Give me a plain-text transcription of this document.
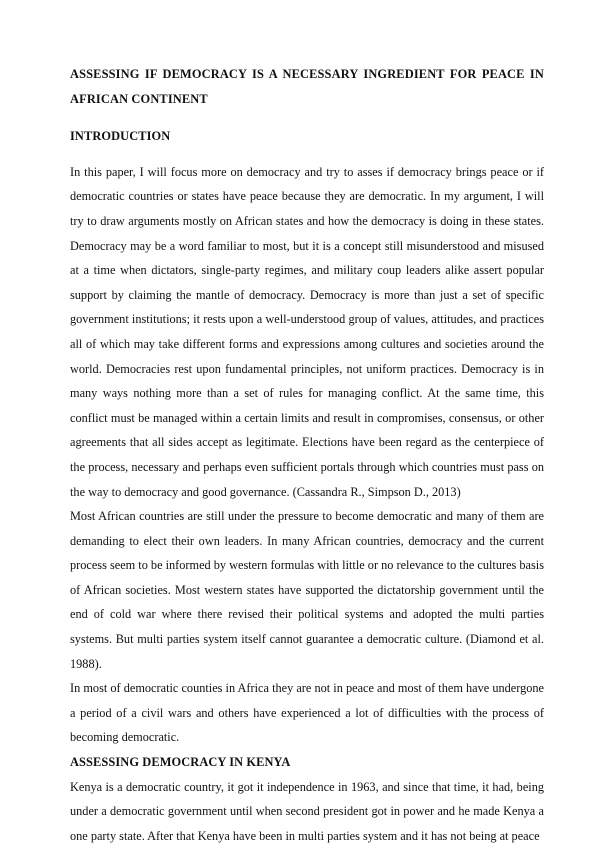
ASSESSING IF DEMOCRACY IS A NECESSARY INGREDIENT FOR PEACE IN AFRICAN CONTINENT
INTRODUCTION

In this paper, I will focus more on democracy and try to asses if democracy brings peace or if democratic countries or states have peace because they are democratic. In my argument, I will try to draw arguments mostly on African states and how the democracy is doing in these states. Democracy may be a word familiar to most, but it is a concept still misunderstood and misused at a time when dictators, single-party regimes, and military coup leaders alike assert popular support by claiming the mantle of democracy. Democracy is more than just a set of specific government institutions; it rests upon a well-understood group of values, attitudes, and practices all of which may take different forms and expressions among cultures and societies around the world. Democracies rest upon fundamental principles, not uniform practices. Democracy is in many ways nothing more than a set of rules for managing conflict. At the same time, this conflict must be managed within a certain limits and result in compromises, consensus, or other agreements that all sides accept as legitimate. Elections have been regard as the centerpiece of the process, necessary and perhaps even sufficient portals through which countries must pass on the way to democracy and good governance. (Cassandra R., Simpson D., 2013)

Most African countries are still under the pressure to become democratic and many of them are demanding to elect their own leaders. In many African countries, democracy and the current process seem to be informed by western formulas with little or no relevance to the cultures basis of African societies. Most western states have supported the dictatorship government until the end of cold war where there revised their political systems and adopted the multi parties systems. But multi parties system itself cannot guarantee a democratic culture. (Diamond et al. 1988).

In most of democratic counties in Africa they are not in peace and most of them have undergone a period of a civil wars and others have experienced a lot of difficulties with the process of becoming democratic.

ASSESSING DEMOCRACY IN KENYA

Kenya is a democratic country, it got it independence in 1963, and since that time, it had, being under a democratic government until when second president got in power and he made Kenya a one party state. After that Kenya have been in multi parties system and it has not being at peace
